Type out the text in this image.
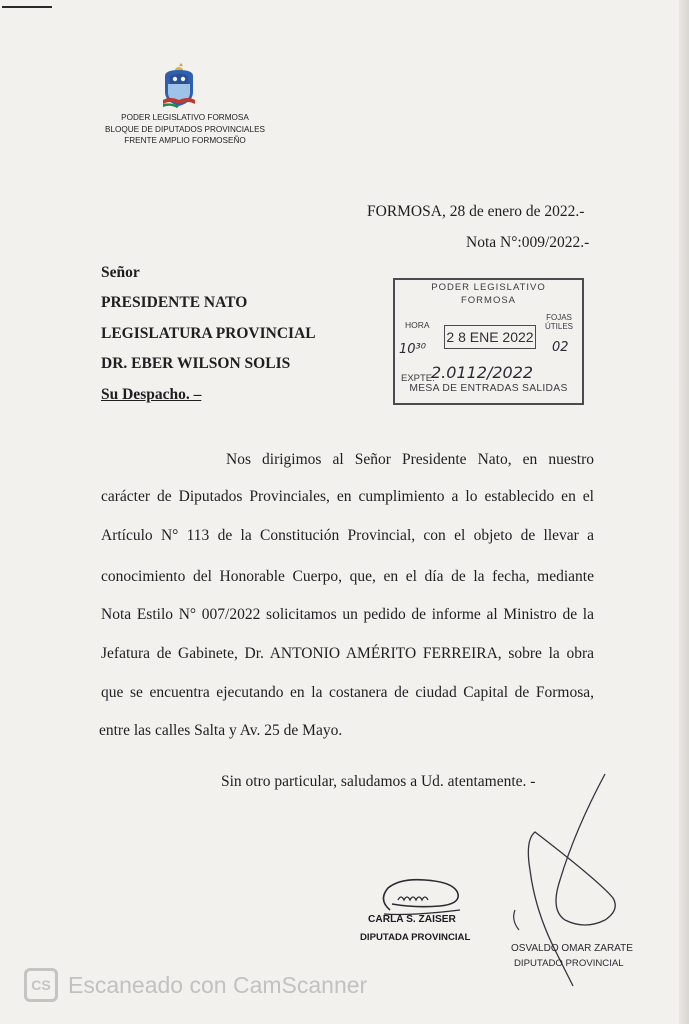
PODER LEGISLATIVO FORMOSA
BLOQUE DE DIPUTADOS PROVINCIALES
FRENTE AMPLIO FORMOSEÑO
FORMOSA, 28 de enero de 2022.-
Nota N°:009/2022.-
Señor
PRESIDENTE NATO
LEGISLATURA PROVINCIAL
DR. EBER WILSON SOLIS
Su Despacho. –
PODER LEGISLATIVO
FORMOSA
HORA
10³⁰
2 8 ENE 2022
FOJAS
ÚTILES
02
EXPTE.
2.0112/2022
MESA DE ENTRADAS SALIDAS
Nos dirigimos al Señor Presidente Nato, en nuestro
carácter de Diputados Provinciales, en cumplimiento a lo establecido en el
Artículo N° 113 de la Constitución Provincial, con el objeto de llevar a
conocimiento del Honorable Cuerpo, que, en el día de la fecha, mediante
Nota Estilo N° 007/2022 solicitamos un pedido de informe al Ministro de la
Jefatura de Gabinete, Dr. ANTONIO AMÉRITO FERREIRA, sobre la obra
que se encuentra ejecutando en la costanera de ciudad Capital de Formosa,
entre las calles Salta y Av. 25 de Mayo.
Sin otro particular, saludamos a Ud. atentamente. -
CARLA S. ZAISER
DIPUTADA PROVINCIAL
OSVALDO OMAR ZARATE
DIPUTADO PROVINCIAL
CS Escaneado con CamScanner
